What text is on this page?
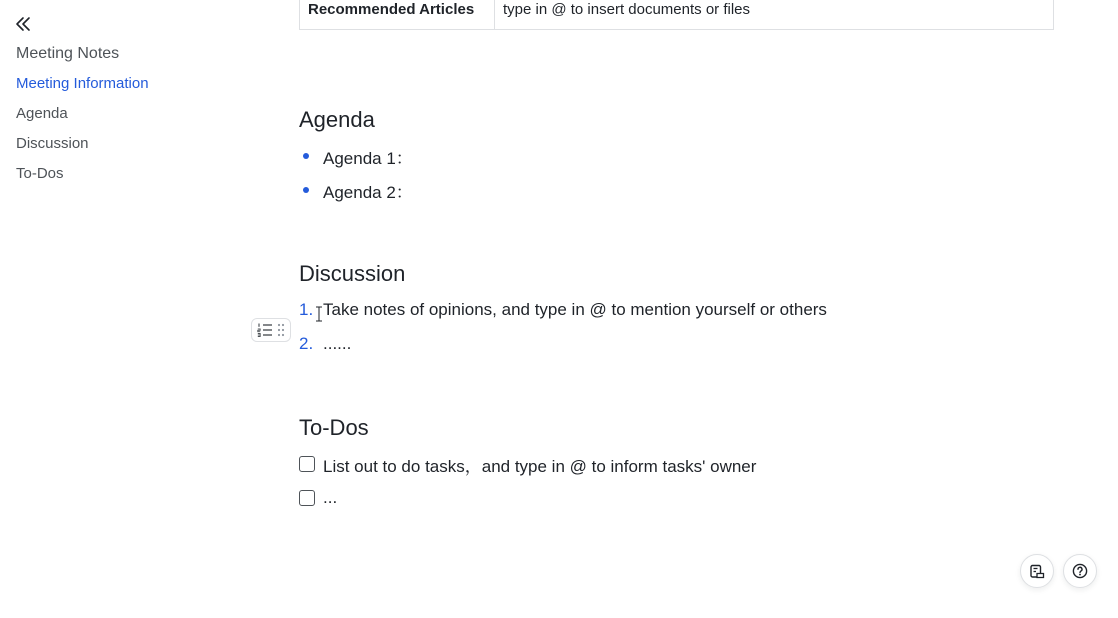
Meeting Notes
Meeting Information
Agenda
Discussion
To-Dos
Recommended Articles type in @ to insert documents or files
Agenda
Agenda 1：
Agenda 2：
Discussion
1. Take notes of opinions, and type in @ to mention yourself or others
2. ......
To-Dos
List out to do tasks，and type in @ to inform tasks' owner
...
